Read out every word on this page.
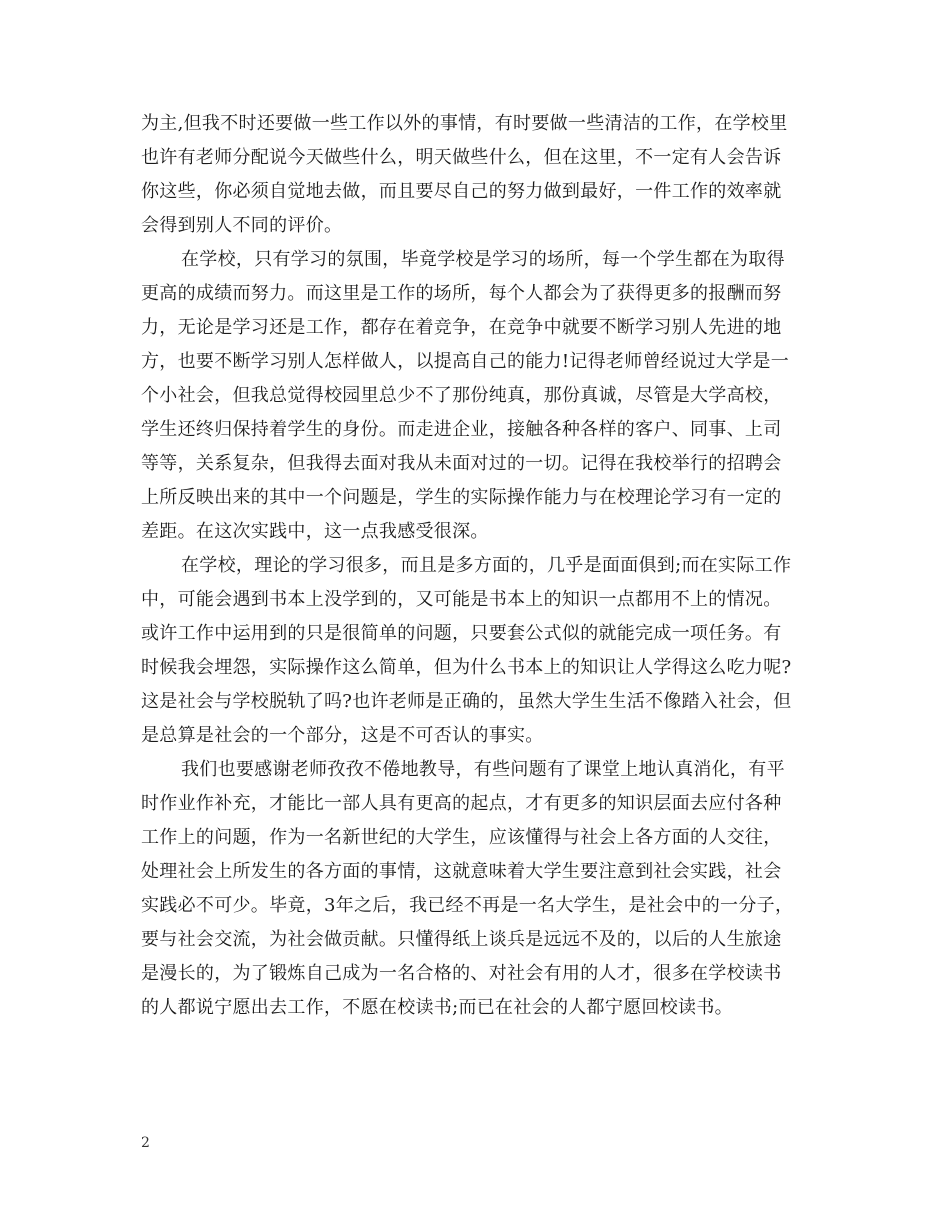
为主,但我不时还要做一些工作以外的事情，有时要做一些清洁的工作，在学校里
也许有老师分配说今天做些什么，明天做些什么，但在这里，不一定有人会告诉
你这些，你必须自觉地去做，而且要尽自己的努力做到最好，一件工作的效率就
会得到别人不同的评价。
在学校，只有学习的氛围，毕竟学校是学习的场所，每一个学生都在为取得
更高的成绩而努力。而这里是工作的场所，每个人都会为了获得更多的报酬而努
力，无论是学习还是工作，都存在着竞争，在竞争中就要不断学习别人先进的地
方，也要不断学习别人怎样做人，以提高自己的能力!记得老师曾经说过大学是一
个小社会，但我总觉得校园里总少不了那份纯真，那份真诚，尽管是大学高校，
学生还终归保持着学生的身份。而走进企业，接触各种各样的客户、同事、上司
等等，关系复杂，但我得去面对我从未面对过的一切。记得在我校举行的招聘会
上所反映出来的其中一个问题是，学生的实际操作能力与在校理论学习有一定的
差距。在这次实践中，这一点我感受很深。
在学校，理论的学习很多，而且是多方面的，几乎是面面俱到;而在实际工作
中，可能会遇到书本上没学到的，又可能是书本上的知识一点都用不上的情况。
或许工作中运用到的只是很简单的问题，只要套公式似的就能完成一项任务。有
时候我会埋怨，实际操作这么简单，但为什么书本上的知识让人学得这么吃力呢?
这是社会与学校脱轨了吗?也许老师是正确的，虽然大学生生活不像踏入社会，但
是总算是社会的一个部分，这是不可否认的事实。
我们也要感谢老师孜孜不倦地教导，有些问题有了课堂上地认真消化，有平
时作业作补充，才能比一部人具有更高的起点，才有更多的知识层面去应付各种
工作上的问题，作为一名新世纪的大学生，应该懂得与社会上各方面的人交往，
处理社会上所发生的各方面的事情，这就意味着大学生要注意到社会实践，社会
实践必不可少。毕竟，3年之后，我已经不再是一名大学生，是社会中的一分子，
要与社会交流，为社会做贡献。只懂得纸上谈兵是远远不及的，以后的人生旅途
是漫长的，为了锻炼自己成为一名合格的、对社会有用的人才，很多在学校读书
的人都说宁愿出去工作，不愿在校读书;而已在社会的人都宁愿回校读书。
2
